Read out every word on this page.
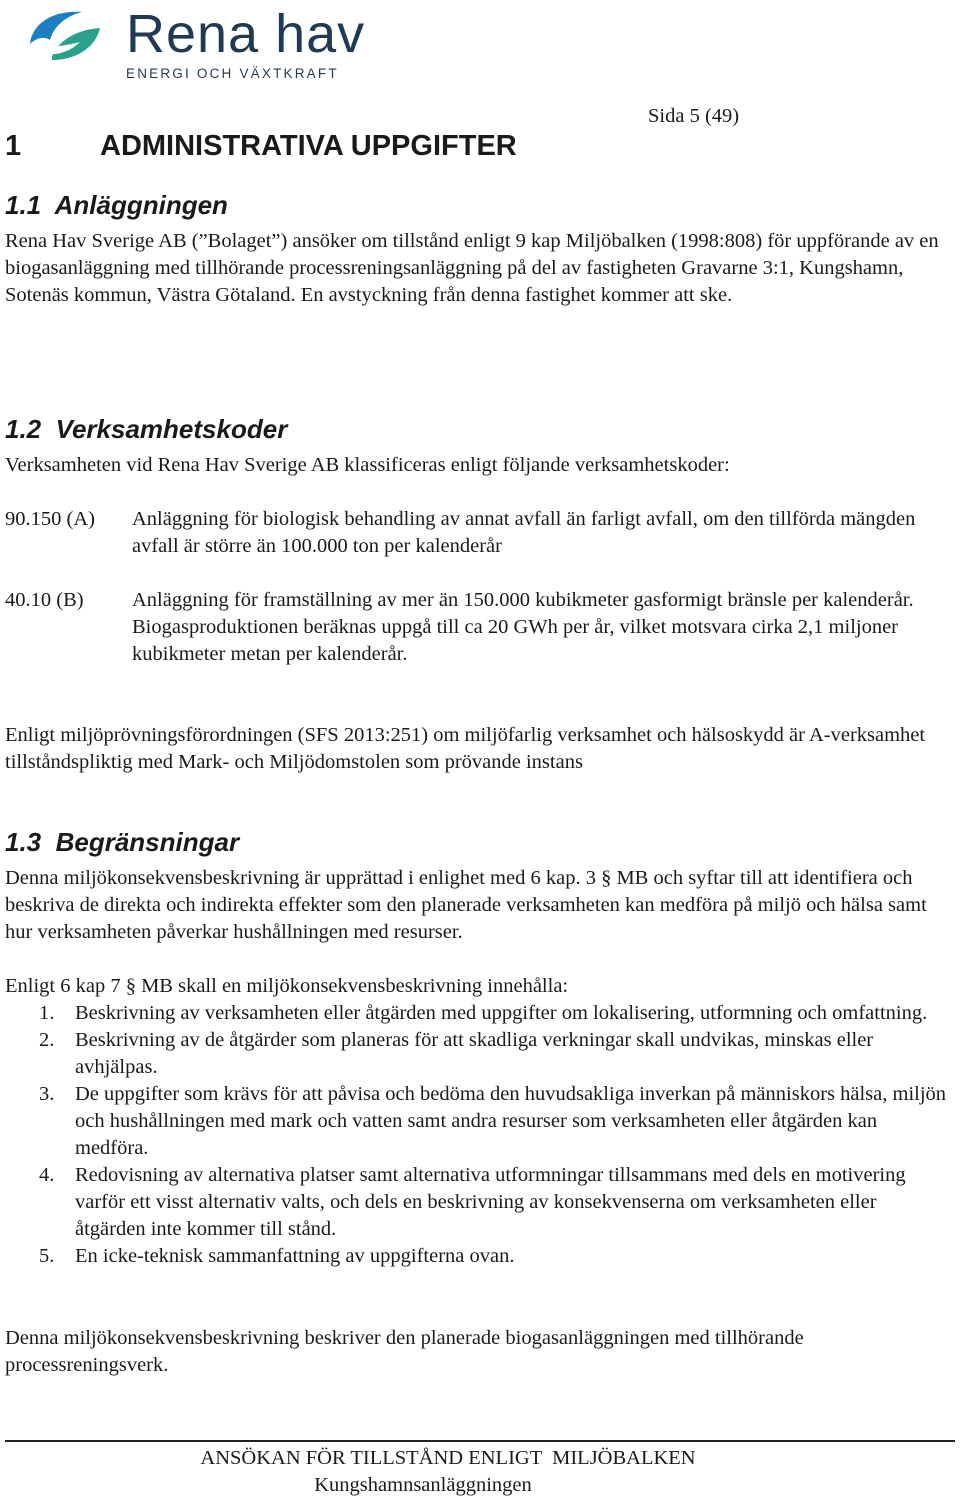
Rena hav
ENERGI OCH VÄXTKRAFT
Sida 5 (49)
1	ADMINISTRATIVA UPPGIFTER
1.1  Anläggningen

Rena Hav Sverige AB (”Bolaget”) ansöker om tillstånd enligt 9 kap Miljöbalken (1998:808) för uppförande av en biogasanläggning med tillhörande processreningsanläggning på del av fastigheten Gravarne 3:1, Kungshamn, Sotenäs kommun, Västra Götaland. En avstyckning från denna fastighet kommer att ske.

1.2  Verksamhetskoder

Verksamheten vid Rena Hav Sverige AB klassificeras enligt följande verksamhetskoder:

90.150 (A)	Anläggning för biologisk behandling av annat avfall än farligt avfall, om den tillförda mängden avfall är större än 100.000 ton per kalenderår
40.10 (B)	Anläggning för framställning av mer än 150.000 kubikmeter gasformigt bränsle per kalenderår. Biogasproduktionen beräknas uppgå till ca 20 GWh per år, vilket motsvara cirka 2,1 miljoner kubikmeter metan per kalenderår.

Enligt miljöprövningsförordningen (SFS 2013:251) om miljöfarlig verksamhet och hälsoskydd är A-verksamhet tillståndspliktig med Mark- och Miljödomstolen som prövande instans

1.3  Begränsningar

Denna miljökonsekvensbeskrivning är upprättad i enlighet med 6 kap. 3 § MB och syftar till att identifiera och beskriva de direkta och indirekta effekter som den planerade verksamheten kan medföra på miljö och hälsa samt hur verksamheten påverkar hushållningen med resurser.

Enligt 6 kap 7 § MB skall en miljökonsekvensbeskrivning innehålla:

1. Beskrivning av verksamheten eller åtgärden med uppgifter om lokalisering, utformning och omfattning.
2. Beskrivning av de åtgärder som planeras för att skadliga verkningar skall undvikas, minskas eller avhjälpas.
3. De uppgifter som krävs för att påvisa och bedöma den huvudsakliga inverkan på människors hälsa, miljön och hushållningen med mark och vatten samt andra resurser som verksamheten eller åtgärden kan medföra.
4. Redovisning av alternativa platser samt alternativa utformningar tillsammans med dels en motivering varför ett visst alternativ valts, och dels en beskrivning av konsekvenserna om verksamheten eller åtgärden inte kommer till stånd.
5. En icke-teknisk sammanfattning av uppgifterna ovan.

Denna miljökonsekvensbeskrivning beskriver den planerade biogasanläggningen med tillhörande processreningsverk.

ANSÖKAN FÖR TILLSTÅND ENLIGT  MILJÖBALKEN
Kungshamnsanläggningen
